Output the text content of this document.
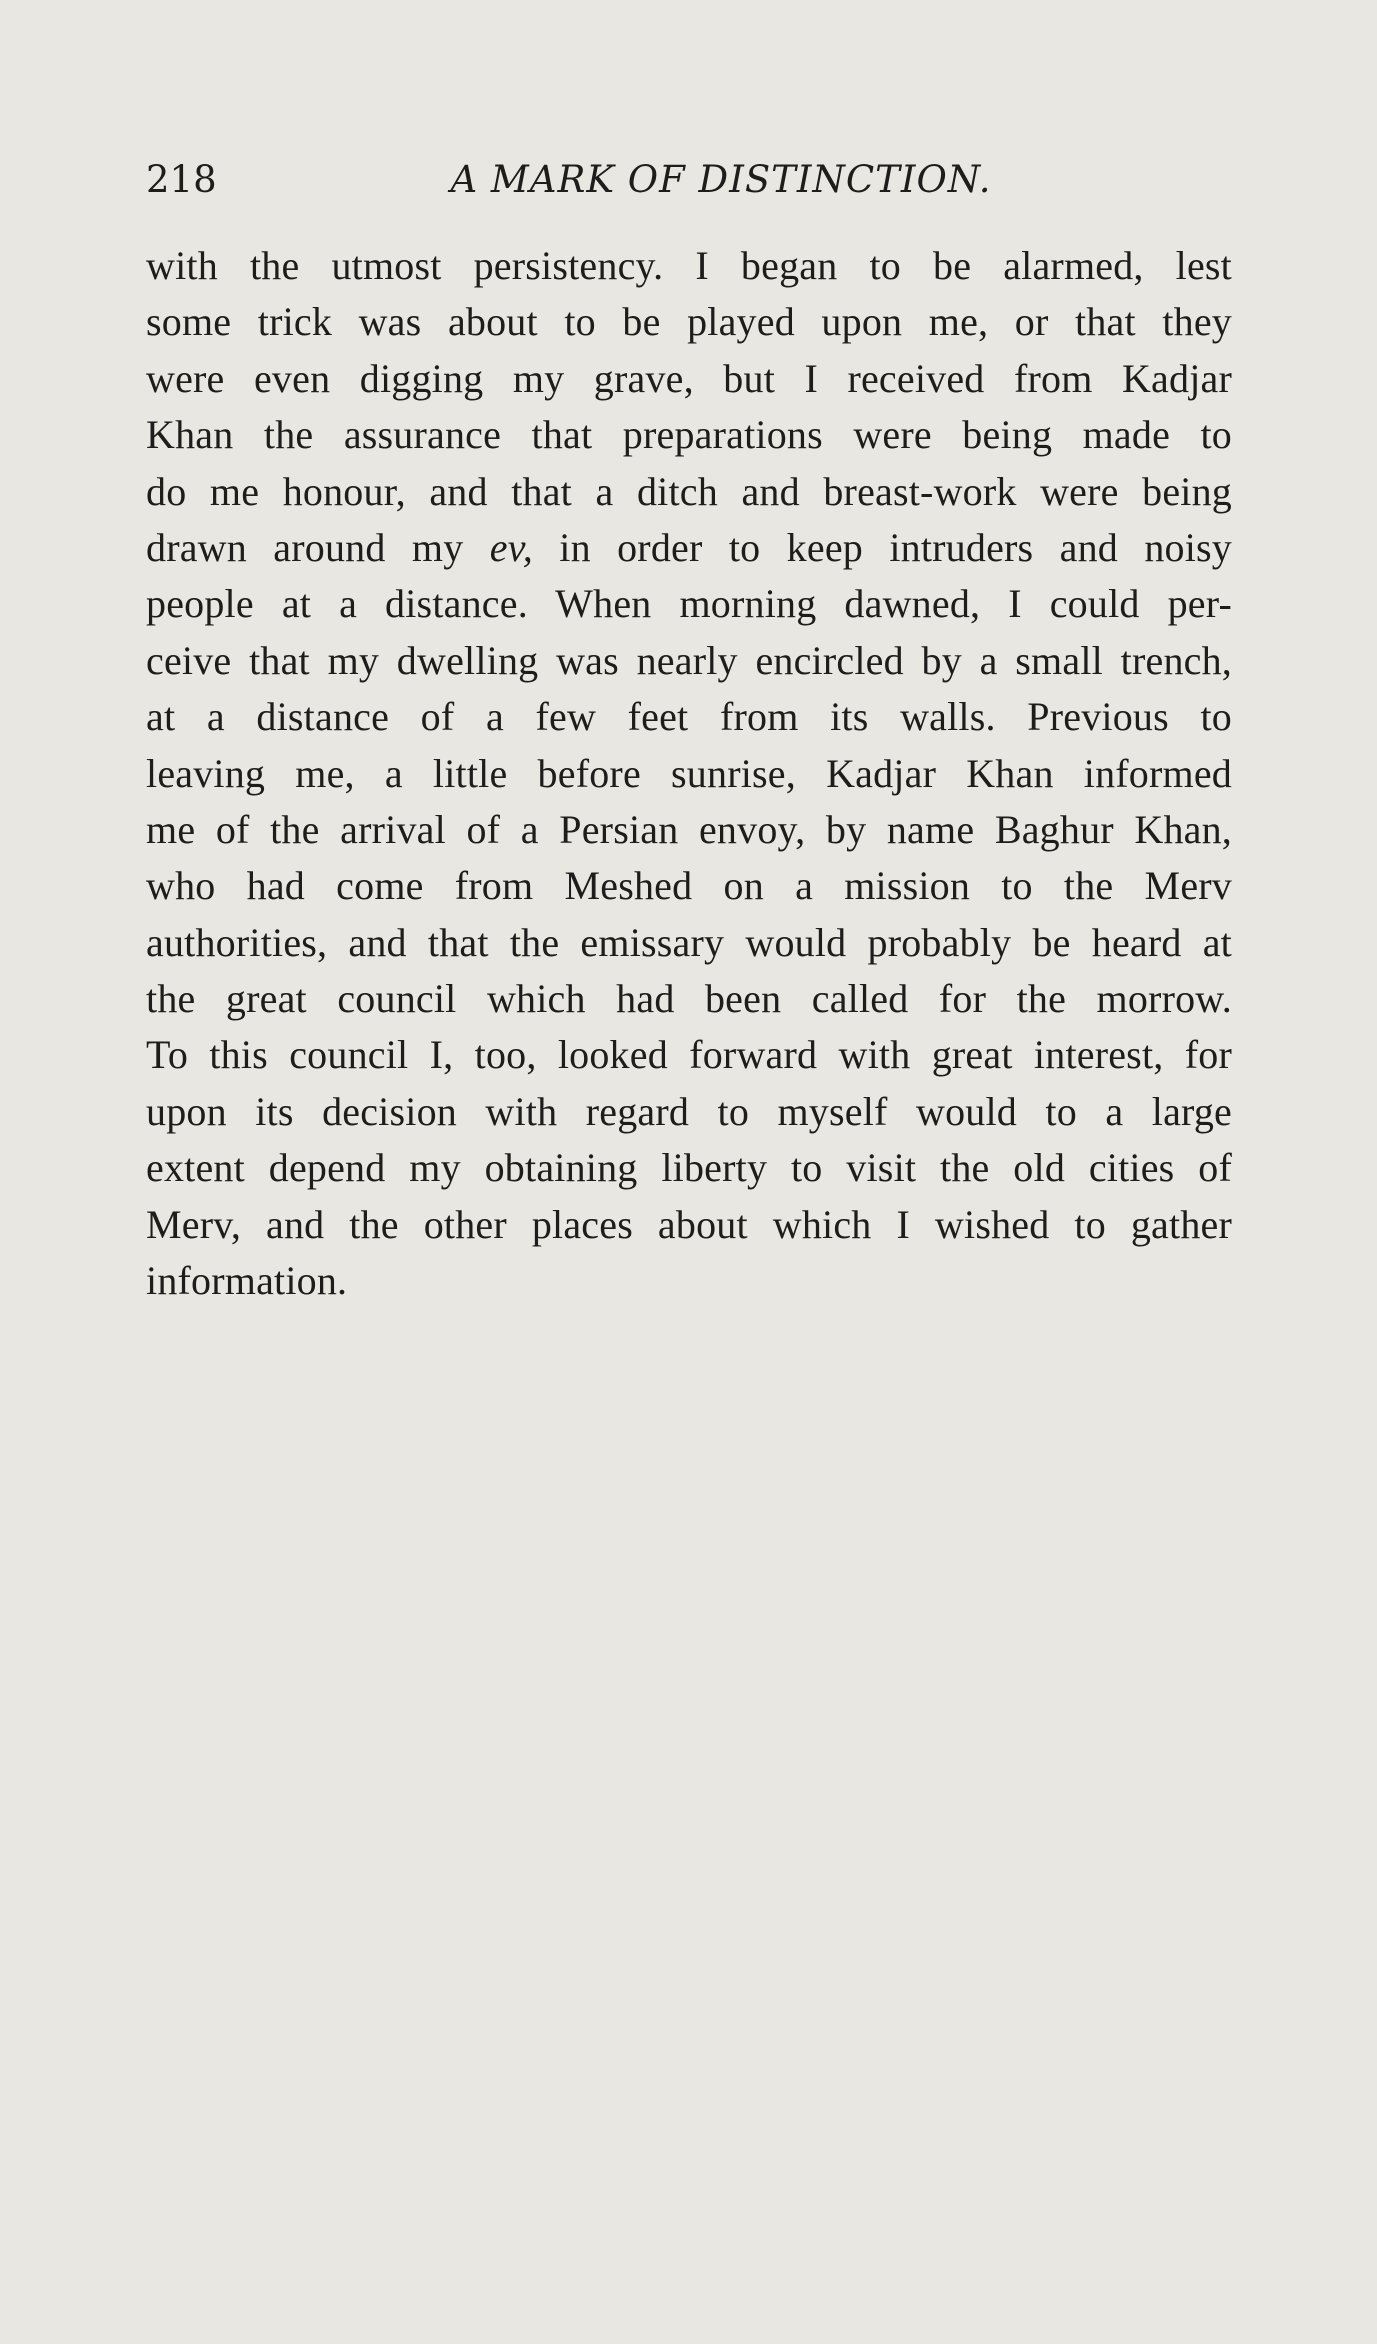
218	A MARK OF DISTINCTION.
with the utmost persistency. I began to be alarmed, lest
some trick was about to be played upon me, or that they
were even digging my grave, but I received from Kadjar
Khan the assurance that preparations were being made to
do me honour, and that a ditch and breast-work were being
drawn around my ev, in order to keep intruders and noisy
people at a distance. When morning dawned, I could per-
ceive that my dwelling was nearly encircled by a small trench,
at a distance of a few feet from its walls. Previous to
leaving me, a little before sunrise, Kadjar Khan informed
me of the arrival of a Persian envoy, by name Baghur Khan,
who had come from Meshed on a mission to the Merv
authorities, and that the emissary would probably be heard at
the great council which had been called for the morrow.
To this council I, too, looked forward with great interest, for
upon its decision with regard to myself would to a large
extent depend my obtaining liberty to visit the old cities of
Merv, and the other places about which I wished to gather
information.
